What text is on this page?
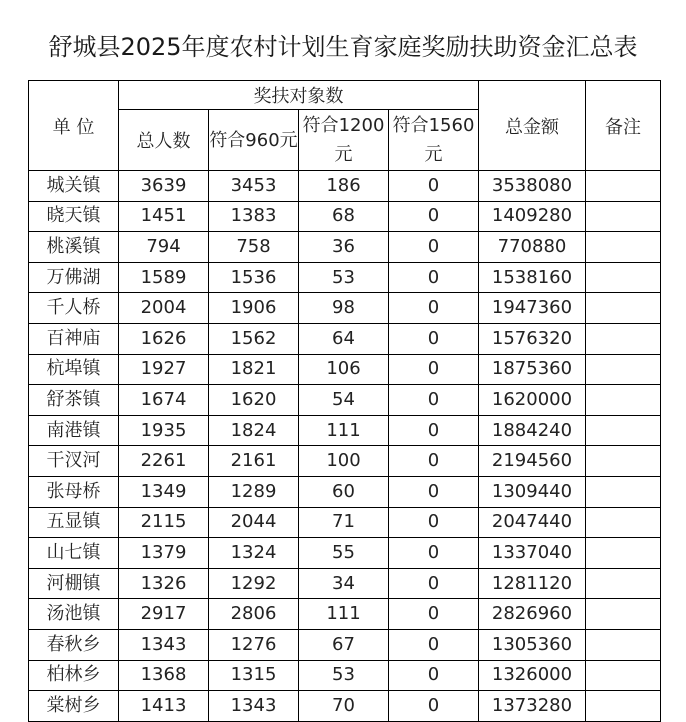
舒城县2025年度农村计划生育家庭奖励扶助资金汇总表
单 位	奖扶对象数				总金额	备注
	总人数	符合960元	符合1200元	符合1560元		
城关镇	3639	3453	186	0	3538080	
晓天镇	1451	1383	68	0	1409280	
桃溪镇	794	758	36	0	770880	
万佛湖	1589	1536	53	0	1538160	
千人桥	2004	1906	98	0	1947360	
百神庙	1626	1562	64	0	1576320	
杭埠镇	1927	1821	106	0	1875360	
舒茶镇	1674	1620	54	0	1620000	
南港镇	1935	1824	111	0	1884240	
干汊河	2261	2161	100	0	2194560	
张母桥	1349	1289	60	0	1309440	
五显镇	2115	2044	71	0	2047440	
山七镇	1379	1324	55	0	1337040	
河棚镇	1326	1292	34	0	1281120	
汤池镇	2917	2806	111	0	2826960	
春秋乡	1343	1276	67	0	1305360	
柏林乡	1368	1315	53	0	1326000	
棠树乡	1413	1343	70	0	1373280	
